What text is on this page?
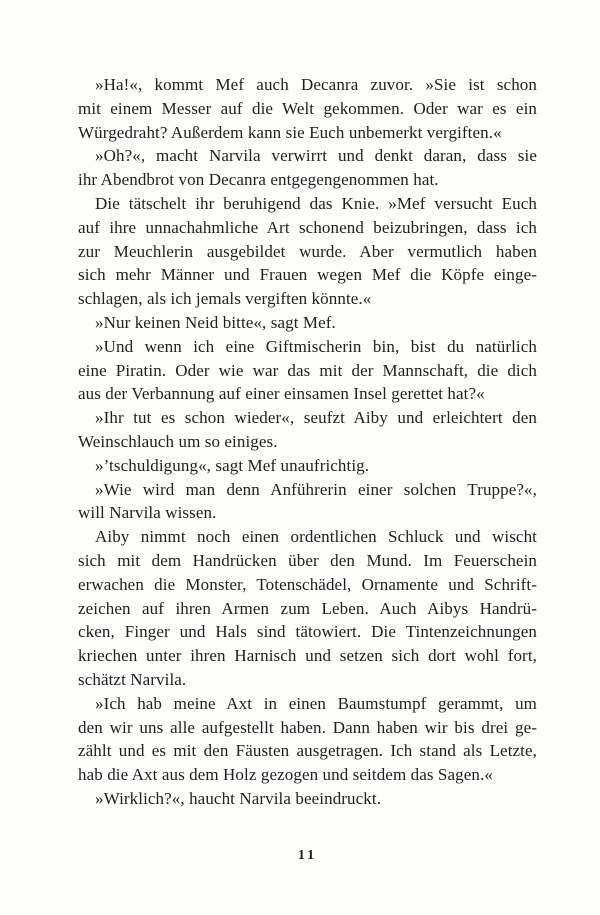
»Ha!«, kommt Mef auch Decanra zuvor. »Sie ist schon
mit einem Messer auf die Welt gekommen. Oder war es ein
Würgedraht? Außerdem kann sie Euch unbemerkt vergiften.«
»Oh?«, macht Narvila verwirrt und denkt daran, dass sie
ihr Abendbrot von Decanra entgegengenommen hat.
Die tätschelt ihr beruhigend das Knie. »Mef versucht Euch
auf ihre unnachahmliche Art schonend beizubringen, dass ich
zur Meuchlerin ausgebildet wurde. Aber vermutlich haben
sich mehr Männer und Frauen wegen Mef die Köpfe einge-
schlagen, als ich jemals vergiften könnte.«
»Nur keinen Neid bitte«, sagt Mef.
»Und wenn ich eine Giftmischerin bin, bist du natürlich
eine Piratin. Oder wie war das mit der Mannschaft, die dich
aus der Verbannung auf einer einsamen Insel gerettet hat?«
»Ihr tut es schon wieder«, seufzt Aiby und erleichtert den
Weinschlauch um so einiges.
»’tschuldigung«, sagt Mef unaufrichtig.
»Wie wird man denn Anführerin einer solchen Truppe?«,
will Narvila wissen.
Aiby nimmt noch einen ordentlichen Schluck und wischt
sich mit dem Handrücken über den Mund. Im Feuerschein
erwachen die Monster, Totenschädel, Ornamente und Schrift-
zeichen auf ihren Armen zum Leben. Auch Aibys Handrü-
cken, Finger und Hals sind tätowiert. Die Tintenzeichnungen
kriechen unter ihren Harnisch und setzen sich dort wohl fort,
schätzt Narvila.
»Ich hab meine Axt in einen Baumstumpf gerammt, um
den wir uns alle aufgestellt haben. Dann haben wir bis drei ge-
zählt und es mit den Fäusten ausgetragen. Ich stand als Letzte,
hab die Axt aus dem Holz gezogen und seitdem das Sagen.«
»Wirklich?«, haucht Narvila beeindruckt.
11
